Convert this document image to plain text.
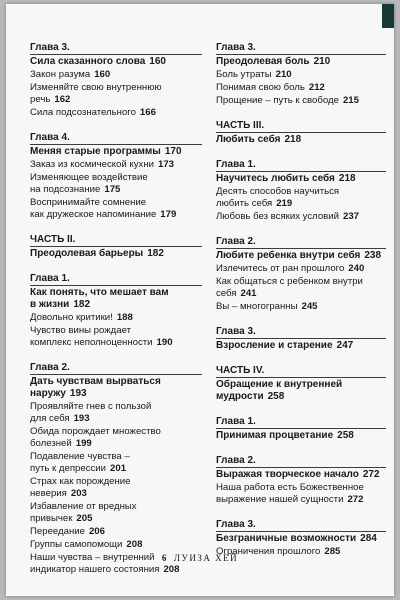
Глава 3.
Сила сказанного слова 160
Закон разума 160
Изменяйте свою внутреннюю
речь 162
Сила подсознательного 166
Глава 4.
Меняя старые программы 170
Заказ из космической кухни 173
Изменяющее воздействие
на подсознание 175
Воспринимайте сомнение
как дружеское напоминание 179
ЧАСТЬ II.
Преодолевая барьеры 182
Глава 1.
Как понять, что мешает вам
в жизни 182
Довольно критики! 188
Чувство вины рождает
комплекс неполноценности 190
Глава 2.
Дать чувствам вырваться
наружу 193
Проявляйте гнев с пользой
для себя 193
Обида порождает множество
болезней 199
Подавление чувства –
путь к депрессии 201
Страх как порождение
неверия 203
Избавление от вредных
привычек 205
Переедание 206
Группы самопомощи 208
Наши чувства – внутренний
индикатор нашего состояния 208
Глава 3.
Преодолевая боль 210
Боль утраты 210
Понимая свою боль 212
Прощение – путь к свободе 215
ЧАСТЬ III.
Любить себя 218
Глава 1.
Научитесь любить себя 218
Десять способов научиться
любить себя 219
Любовь без всяких условий 237
Глава 2.
Любите ребенка внутри себя 238
Излечитесь от ран прошлого 240
Как общаться с ребенком внутри
себя 241
Вы – многогранны 245
Глава 3.
Взросление и старение 247
ЧАСТЬ IV.
Обращение к внутренней
мудрости 258
Глава 1.
Принимая процветание 258
Глава 2.
Выражая творческое начало 272
Наша работа есть Божественное
выражение нашей сущности 272
Глава 3.
Безграничные возможности 284
Ограничения прошлого 285
6 ЛУИЗА ХЕЙ
